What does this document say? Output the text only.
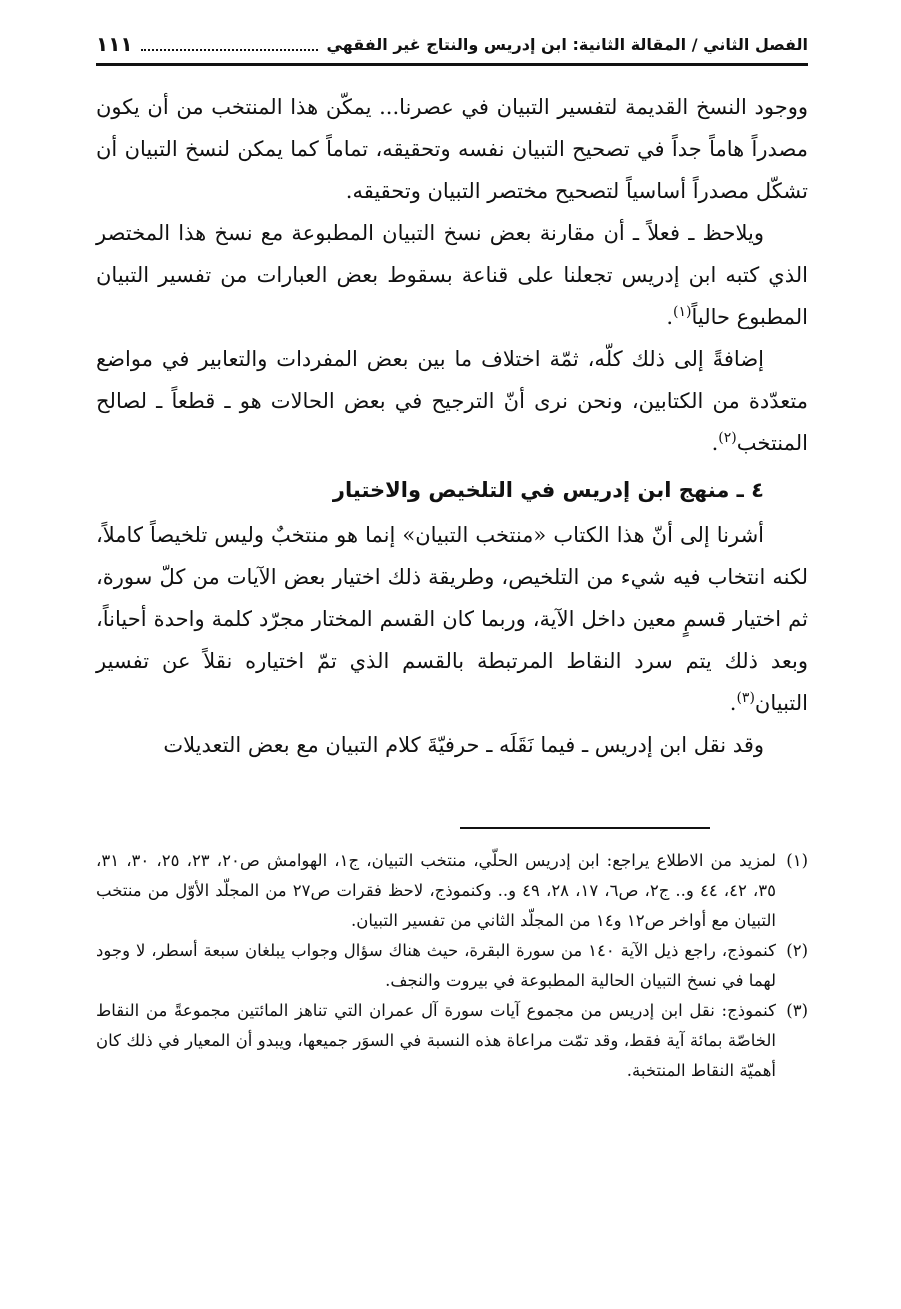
الفصل الثاني / المقالة الثانية: ابن إدريس والنتاج غير الفقهي
١١١

ووجود النسخ القديمة لتفسير التبيان في عصرنا... يمكّن هذا المنتخب من أن يكون مصدراً هاماً جداً في تصحيح التبيان نفسه وتحقيقه، تماماً كما يمكن لنسخ التبيان أن تشكّل مصدراً أساسياً لتصحيح مختصر التبيان وتحقيقه.

ويلاحظ ـ فعلاً ـ أن مقارنة بعض نسخ التبيان المطبوعة مع نسخ هذا المختصر الذي كتبه ابن إدريس تجعلنا على قناعة بسقوط بعض العبارات من تفسير التبيان المطبوع حالياً$^{(١)}$.

إضافةً إلى ذلك كلّه، ثمّة اختلاف ما بين بعض المفردات والتعابير في مواضع متعدّدة من الكتابين، ونحن نرى أنّ الترجيح في بعض الحالات هو ـ قطعاً ـ لصالح المنتخب$^{(٢)}$.

٤ ـ منهج ابن إدريس في التلخيص والاختيار

أشرنا إلى أنّ هذا الكتاب «منتخب التبيان» إنما هو منتخبٌ وليس تلخيصاً كاملاً، لكنه انتخاب فيه شيء من التلخيص، وطريقة ذلك اختيار بعض الآيات من كلّ سورة، ثم اختيار قسمٍ معين داخل الآية، وربما كان القسم المختار مجرّد كلمة واحدة أحياناً، وبعد ذلك يتم سرد النقاط المرتبطة بالقسم الذي تمّ اختياره نقلاً عن تفسير التبيان$^{(٣)}$.

وقد نقل ابن إدريس ـ فيما نَقَلَه ـ حرفيّةَ كلام التبيان مع بعض التعديلات

(١)
لمزيد من الاطلاع يراجع: ابن إدريس الحلّي، منتخب التبيان، ج١، الهوامش ص٢٠، ٢٣، ٢٥، ٣٠، ٣١، ٣٥، ٤٢، ٤٤ و.. ج٢، ص٦، ١٧، ٢٨، ٤٩ و.. وكنموذج، لاحظ فقرات ص٢٧ من المجلّد الأوّل من منتخب التبيان مع أواخر ص١٢ و١٤ من المجلّد الثاني من تفسير التبيان.
(٢)
كنموذج، راجع ذيل الآية ١٤٠ من سورة البقرة، حيث هناك سؤال وجواب يبلغان سبعة أسطر، لا وجود لهما في نسخ التبيان الحالية المطبوعة في بيروت والنجف.
(٣)
كنموذج: نقل ابن إدريس من مجموع آيات سورة آل عمران التي تناهز المائتين مجموعةً من النقاط الخاصّة بمائة آية فقط، وقد تمّت مراعاة هذه النسبة في السوَر جميعها، ويبدو أن المعيار في ذلك كان أهميّة النقاط المنتخبة.
